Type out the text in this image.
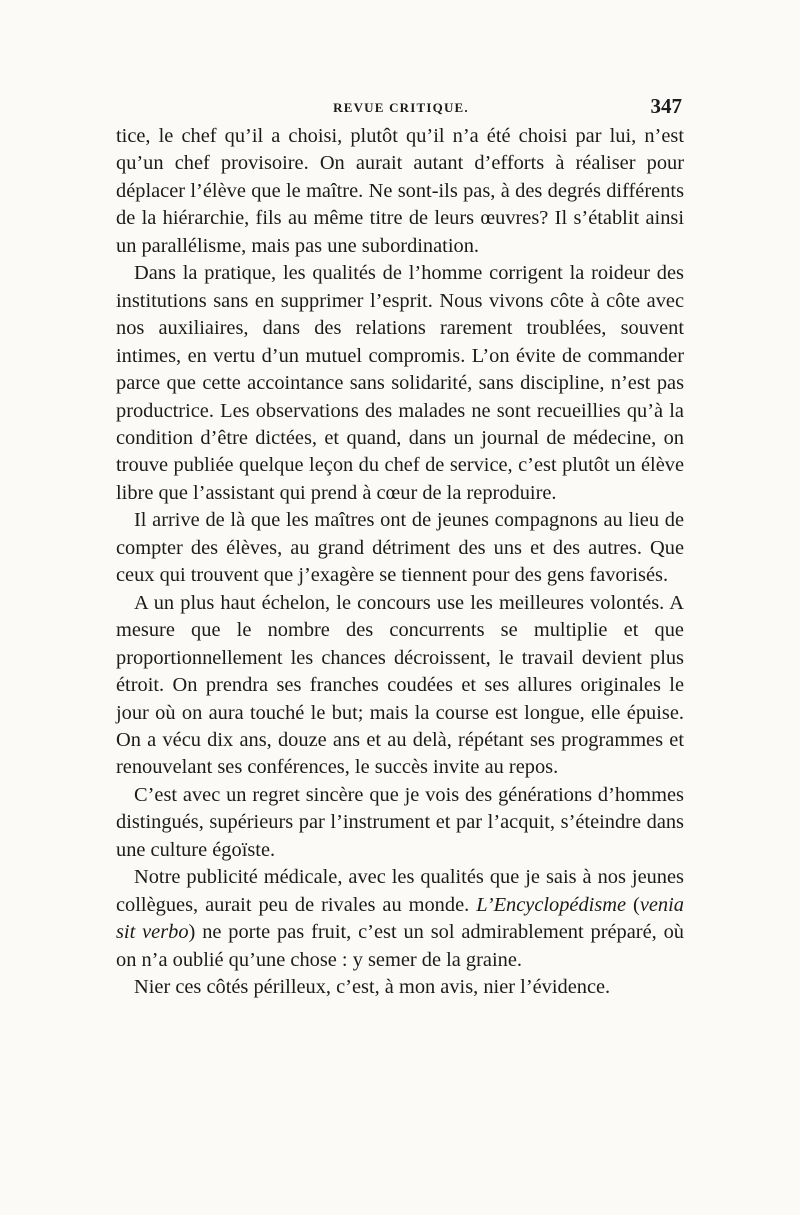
REVUE CRITIQUE.	347

tice, le chef qu’il a choisi, plutôt qu’il n’a été choisi par lui, n’est qu’un chef provisoire. On aurait autant d’efforts à réaliser pour déplacer l’élève que le maître. Ne sont-ils pas, à des degrés différents de la hiérarchie, fils au même titre de leurs œuvres? Il s’établit ainsi un parallélisme, mais pas une subordination.

Dans la pratique, les qualités de l’homme corrigent la roideur des institutions sans en supprimer l’esprit. Nous vivons côte à côte avec nos auxiliaires, dans des relations rarement troublées, souvent intimes, en vertu d’un mutuel compromis. L’on évite de commander parce que cette accointance sans solidarité, sans discipline, n’est pas productrice. Les observations des malades ne sont recueillies qu’à la condition d’être dictées, et quand, dans un journal de médecine, on trouve publiée quelque leçon du chef de service, c’est plutôt un élève libre que l’assistant qui prend à cœur de la reproduire.

Il arrive de là que les maîtres ont de jeunes compagnons au lieu de compter des élèves, au grand détriment des uns et des autres. Que ceux qui trouvent que j’exagère se tiennent pour des gens favorisés.

A un plus haut échelon, le concours use les meilleures volontés. A mesure que le nombre des concurrents se multiplie et que proportionnellement les chances décroissent, le travail devient plus étroit. On prendra ses franches coudées et ses allures originales le jour où on aura touché le but; mais la course est longue, elle épuise. On a vécu dix ans, douze ans et au delà, répétant ses programmes et renouvelant ses conférences, le succès invite au repos.

C’est avec un regret sincère que je vois des générations d’hommes distingués, supérieurs par l’instrument et par l’acquit, s’éteindre dans une culture égoïste.

Notre publicité médicale, avec les qualités que je sais à nos jeunes collègues, aurait peu de rivales au monde. L’Encyclopédisme (venia sit verbo) ne porte pas fruit, c’est un sol admirablement préparé, où on n’a oublié qu’une chose : y semer de la graine.

Nier ces côtés périlleux, c’est, à mon avis, nier l’évidence.
